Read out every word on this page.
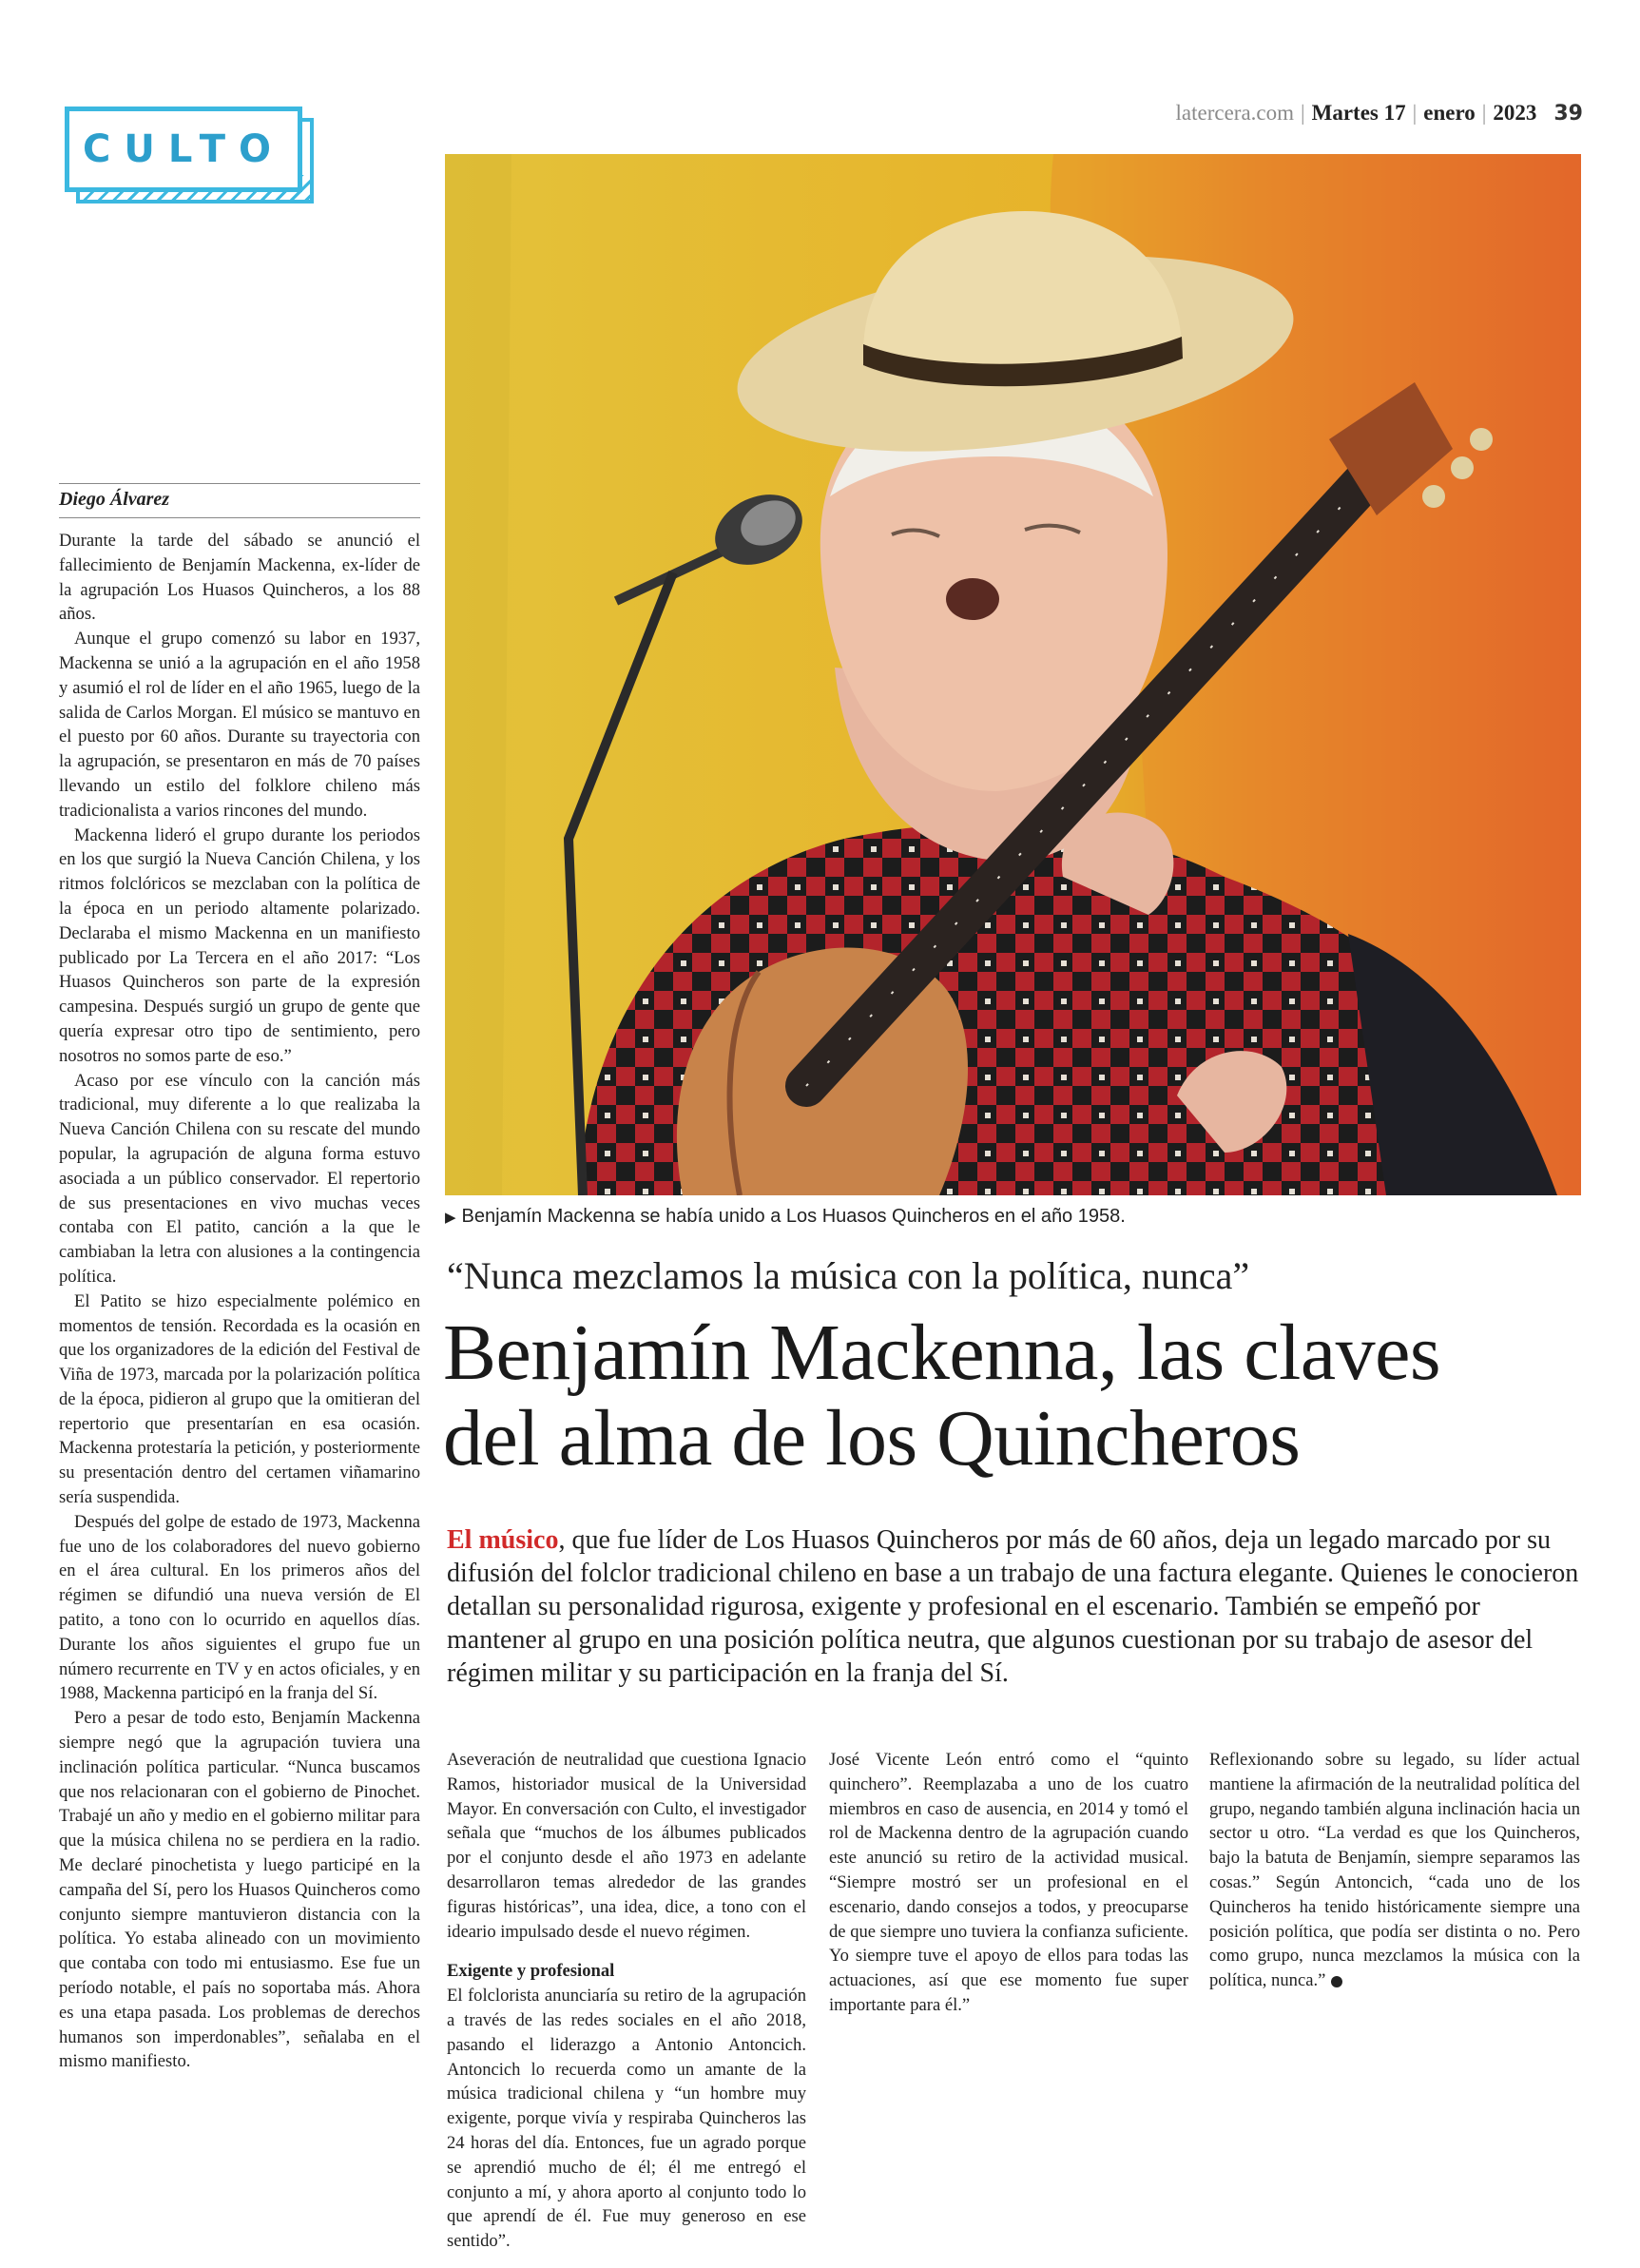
CULTO
latercera.com | Martes 17 | enero | 2023 39
▶ Benjamín Mackenna se había unido a Los Huasos Quincheros en el año 1958.
Diego Álvarez

Durante la tarde del sábado se anunció el fallecimiento de Benjamín Mackenna, ex-líder de la agrupación Los Huasos Quincheros, a los 88 años.

Aunque el grupo comenzó su labor en 1937, Mackenna se unió a la agrupación en el año 1958 y asumió el rol de líder en el año 1965, luego de la salida de Carlos Morgan. El músico se mantuvo en el puesto por 60 años. Durante su trayectoria con la agrupación, se presentaron en más de 70 países llevando un estilo del folklore chileno más tradicionalista a varios rincones del mundo.

Mackenna lideró el grupo durante los periodos en los que surgió la Nueva Canción Chilena, y los ritmos folclóricos se mezclaban con la política de la época en un periodo altamente polarizado. Declaraba el mismo Mackenna en un manifiesto publicado por La Tercera en el año 2017: “Los Huasos Quincheros son parte de la expresión campesina. Después surgió un grupo de gente que quería expresar otro tipo de sentimiento, pero nosotros no somos parte de eso.”

Acaso por ese vínculo con la canción más tradicional, muy diferente a lo que realizaba la Nueva Canción Chilena con su rescate del mundo popular, la agrupación de alguna forma estuvo asociada a un público conservador. El repertorio de sus presentaciones en vivo muchas veces contaba con El patito, canción a la que le cambiaban la letra con alusiones a la contingencia política.

El Patito se hizo especialmente polémico en momentos de tensión. Recordada es la ocasión en que los organizadores de la edición del Festival de Viña de 1973, marcada por la polarización política de la época, pidieron al grupo que la omitieran del repertorio que presentarían en esa ocasión. Mackenna protestaría la petición, y posteriormente su presentación dentro del certamen viñamarino sería suspendida.

Después del golpe de estado de 1973, Mackenna fue uno de los colaboradores del nuevo gobierno en el área cultural. En los primeros años del régimen se difundió una nueva versión de El patito, a tono con lo ocurrido en aquellos días. Durante los años siguientes el grupo fue un número recurrente en TV y en actos oficiales, y en 1988, Mackenna participó en la franja del Sí.

Pero a pesar de todo esto, Benjamín Mackenna siempre negó que la agrupación tuviera una inclinación política particular. “Nunca buscamos que nos relacionaran con el gobierno de Pinochet. Trabajé un año y medio en el gobierno militar para que la música chilena no se perdiera en la radio. Me declaré pinochetista y luego participé en la campaña del Sí, pero los Huasos Quincheros como conjunto siempre mantuvieron distancia con la política. Yo estaba alineado con un movimiento que contaba con todo mi entusiasmo. Ese fue un período notable, el país no soportaba más. Ahora es una etapa pasada. Los problemas de derechos humanos son imperdonables”, señalaba en el mismo manifiesto.

“Nunca mezclamos la música con la política, nunca”
Benjamín Mackenna, las claves
del alma de los Quincheros
El músico, que fue líder de Los Huasos Quincheros por más de 60 años, deja un legado marcado por su difusión del folclor tradicional chileno en base a un trabajo de una factura elegante. Quienes le conocieron detallan su personalidad rigurosa, exigente y profesional en el escenario. También se empeñó por mantener al grupo en una posición política neutra, que algunos cuestionan por su trabajo de asesor del régimen militar y su participación en la franja del Sí.

Aseveración de neutralidad que cuestiona Ignacio Ramos, historiador musical de la Universidad Mayor. En conversación con Culto, el investigador señala que “muchos de los álbumes publicados por el conjunto desde el año 1973 en adelante desarrollaron temas alrededor de las grandes figuras históricas”, una idea, dice, a tono con el ideario impulsado desde el nuevo régimen.

Exigente y profesional

El folclorista anunciaría su retiro de la agrupación a través de las redes sociales en el año 2018, pasando el liderazgo a Antonio Antoncich. Antoncich lo recuerda como un amante de la música tradicional chilena y “un hombre muy exigente, porque vivía y respiraba Quincheros las 24 horas del día. Entonces, fue un agrado porque se aprendió mucho de él; él me entregó el conjunto a mí, y ahora aporto al conjunto todo lo que aprendí de él. Fue muy generoso en ese sentido”.

José Vicente León entró como el “quinto quinchero”. Reemplazaba a uno de los cuatro miembros en caso de ausencia, en 2014 y tomó el rol de Mackenna dentro de la agrupación cuando este anunció su retiro de la actividad musical. “Siempre mostró ser un profesional en el escenario, dando consejos a todos, y preocuparse de que siempre uno tuviera la confianza suficiente. Yo siempre tuve el apoyo de ellos para todas las actuaciones, así que ese momento fue super importante para él.”

Reflexionando sobre su legado, su líder actual mantiene la afirmación de la neutralidad política del grupo, negando también alguna inclinación hacia un sector u otro. “La verdad es que los Quincheros, bajo la batuta de Benjamín, siempre separamos las cosas.” Según Antoncich, “cada uno de los Quincheros ha tenido históricamente siempre una posición política, que podía ser distinta o no. Pero como grupo, nunca mezclamos la música con la política, nunca.”
